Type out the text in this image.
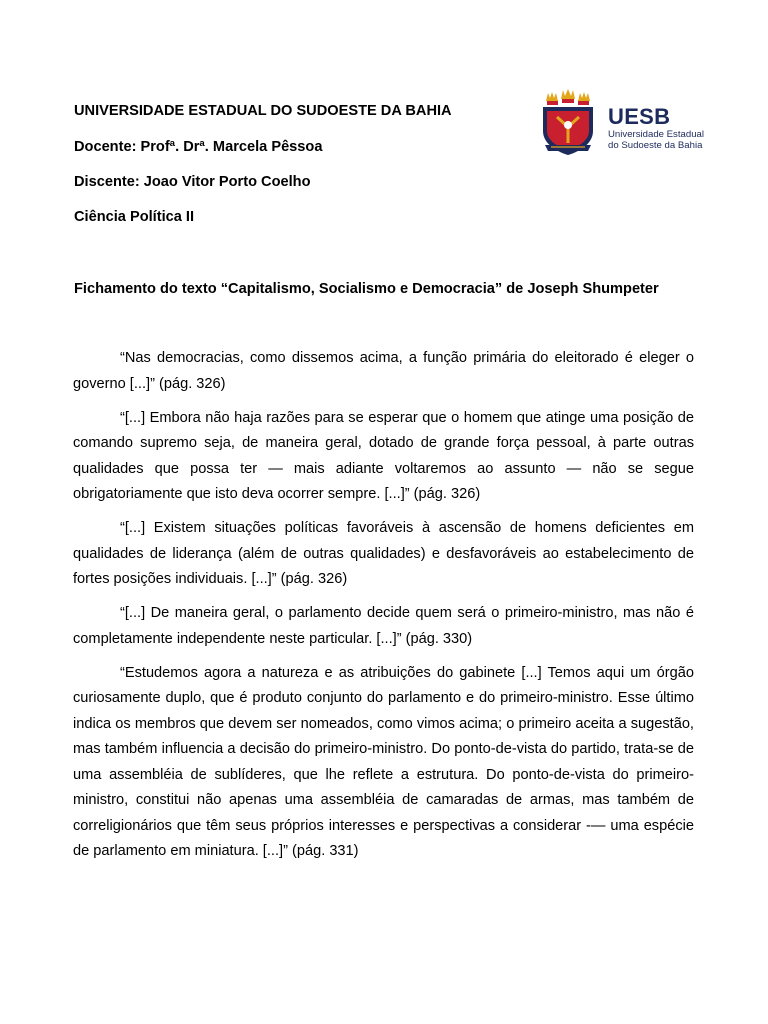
UNIVERSIDADE ESTADUAL DO SUDOESTE DA BAHIA

Docente: Profª. Drª. Marcela Pêssoa

Discente: Joao Vitor Porto Coelho

Ciência Política II

UESB
Universidade Estadual
do Sudoeste da Bahia

Fichamento do texto “Capitalismo, Socialismo e Democracia” de Joseph Shumpeter

“Nas democracias, como dissemos acima, a função primária do eleitorado é eleger o governo [...]” (pág. 326)

“[...] Embora não haja razões para se esperar que o homem que atinge uma posição de comando supremo seja, de maneira geral, dotado de grande força pessoal, à parte outras qualidades que possa ter — mais adiante voltaremos ao assunto — não se segue obrigatoriamente que isto deva ocorrer sempre. [...]” (pág. 326)

“[...] Existem situações políticas favoráveis à ascensão de homens deficientes em qualidades de liderança (além de outras qualidades) e desfavoráveis ao estabelecimento de fortes posições individuais. [...]” (pág. 326)

“[...] De maneira geral, o parlamento decide quem será o primeiro-ministro, mas não é completamente independente neste particular. [...]” (pág. 330)

“Estudemos agora a natureza e as atribuições do gabinete [...] Temos aqui um órgão curiosamente duplo, que é produto conjunto do parlamento e do primeiro-ministro. Esse último indica os membros que devem ser nomeados, como vimos acima; o primeiro aceita a sugestão, mas também influencia a decisão do primeiro-ministro. Do ponto-de-vista do partido, trata-se de uma assembléia de sublíderes, que lhe reflete a estrutura. Do ponto-de-vista do primeiro-ministro, constitui não apenas uma assembléia de camaradas de armas, mas também de correligionários que têm seus próprios interesses e perspectivas a considerar -— uma espécie de parlamento em miniatura. [...]” (pág. 331)
